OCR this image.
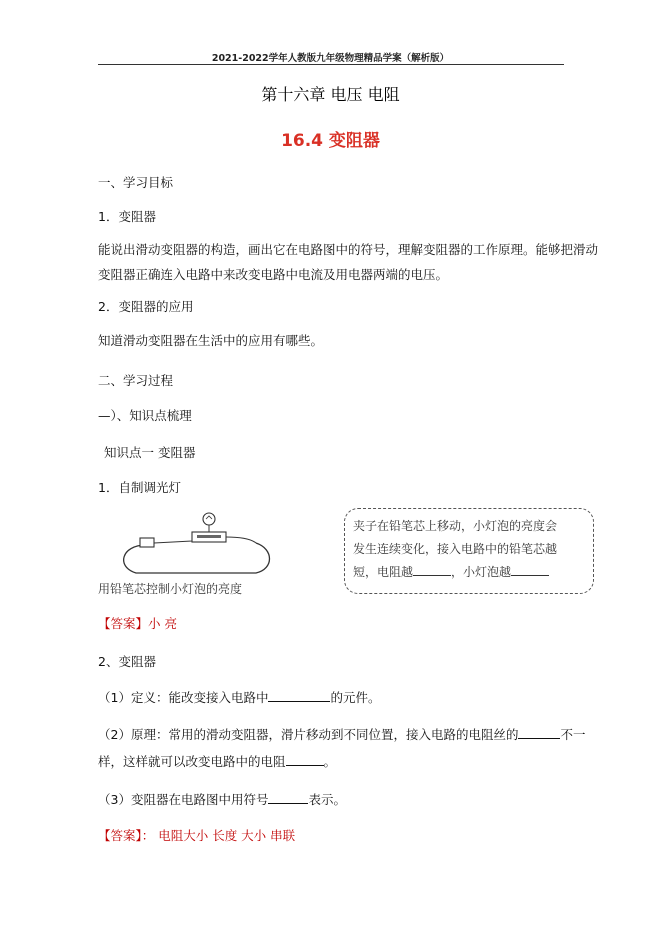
2021-2022学年人教版九年级物理精品学案（解析版）
第十六章 电压 电阻
16.4 变阻器
一、学习目标
1．变阻器
能说出滑动变阻器的构造，画出它在电路图中的符号，理解变阻器的工作原理。能够把滑动
变阻器正确连入电路中来改变电路中电流及用电器两端的电压。
2．变阻器的应用
知道滑动变阻器在生活中的应用有哪些。
二、学习过程
—）、知识点梳理
知识点一 变阻器
1．自制调光灯
用铅笔芯控制小灯泡的亮度
夹子在铅笔芯上移动，小灯泡的亮度会
发生连续变化，接入电路中的铅笔芯越
短，电阻越	，小灯泡越
【答案】小 亮
2、变阻器
（1）定义：能改变接入电路中	的元件。
（2）原理：常用的滑动变阻器，滑片移动到不同位置，接入电路的电阻丝的	不一
样，这样就可以改变电路中的电阻	。
（3）变阻器在电路图中用符号	表示。
【答案】： 电阻大小 长度 大小 串联
